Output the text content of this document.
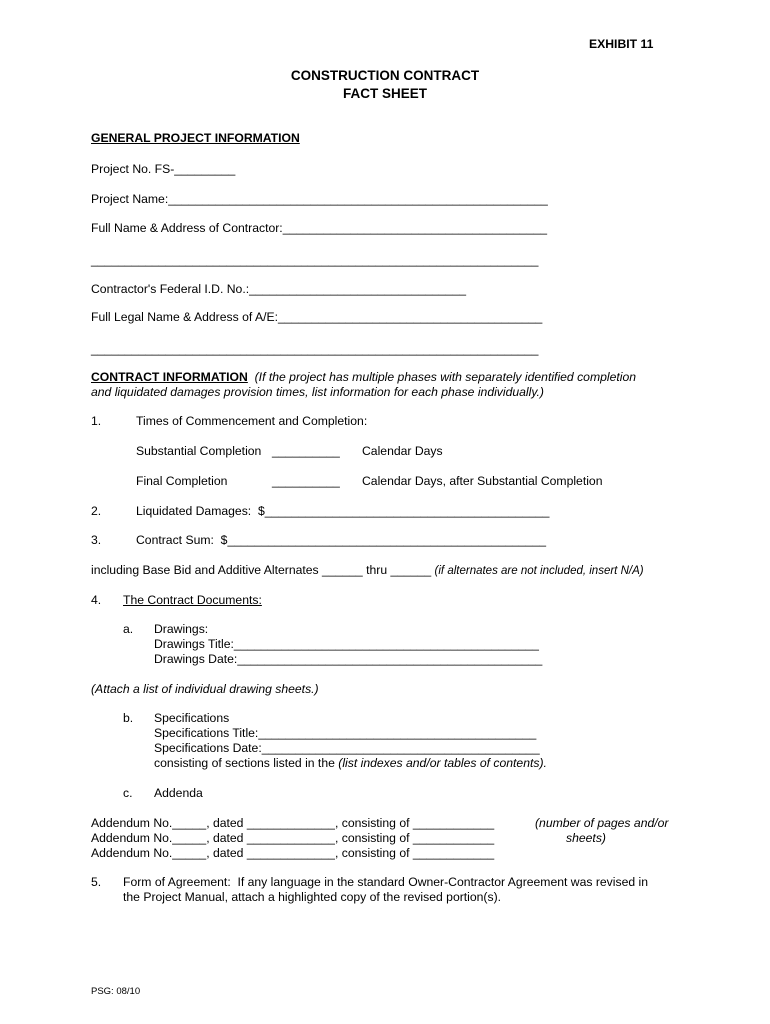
EXHIBIT 11
CONSTRUCTION CONTRACT
FACT SHEET
GENERAL PROJECT INFORMATION
Project No. FS-_________
Project Name:________________________________________________________
Full Name & Address of Contractor:_______________________________________
__________________________________________________________________
Contractor's Federal I.D. No.:________________________________
Full Legal Name & Address of A/E:_______________________________________
__________________________________________________________________
CONTRACT INFORMATION (If the project has multiple phases with separately identified completion
and liquidated damages provision times, list information for each phase individually.)
1.	Times of Commencement and Completion:
Substantial Completion __________ Calendar Days
Final Completion	__________ Calendar Days, after Substantial Completion
2.	Liquidated Damages:  $__________________________________________
3.	Contract Sum:  $_______________________________________________
including Base Bid and Additive Alternates ______ thru ______ (if alternates are not included, insert N/A)
4. The Contract Documents:
a. Drawings:
Drawings Title:_____________________________________________
Drawings Date:_____________________________________________
(Attach a list of individual drawing sheets.)
b. Specifications
Specifications Title:_________________________________________
Specifications Date:_________________________________________
consisting of sections listed in the (list indexes and/or tables of contents).
c. Addenda
Addendum No._____, dated _____________, consisting of ____________
Addendum No._____, dated _____________, consisting of ____________
Addendum No._____, dated _____________, consisting of ____________
(number of pages and/or
sheets)
5. Form of Agreement:  If any language in the standard Owner-Contractor Agreement was revised in
the Project Manual, attach a highlighted copy of the revised portion(s).
PSG: 08/10
